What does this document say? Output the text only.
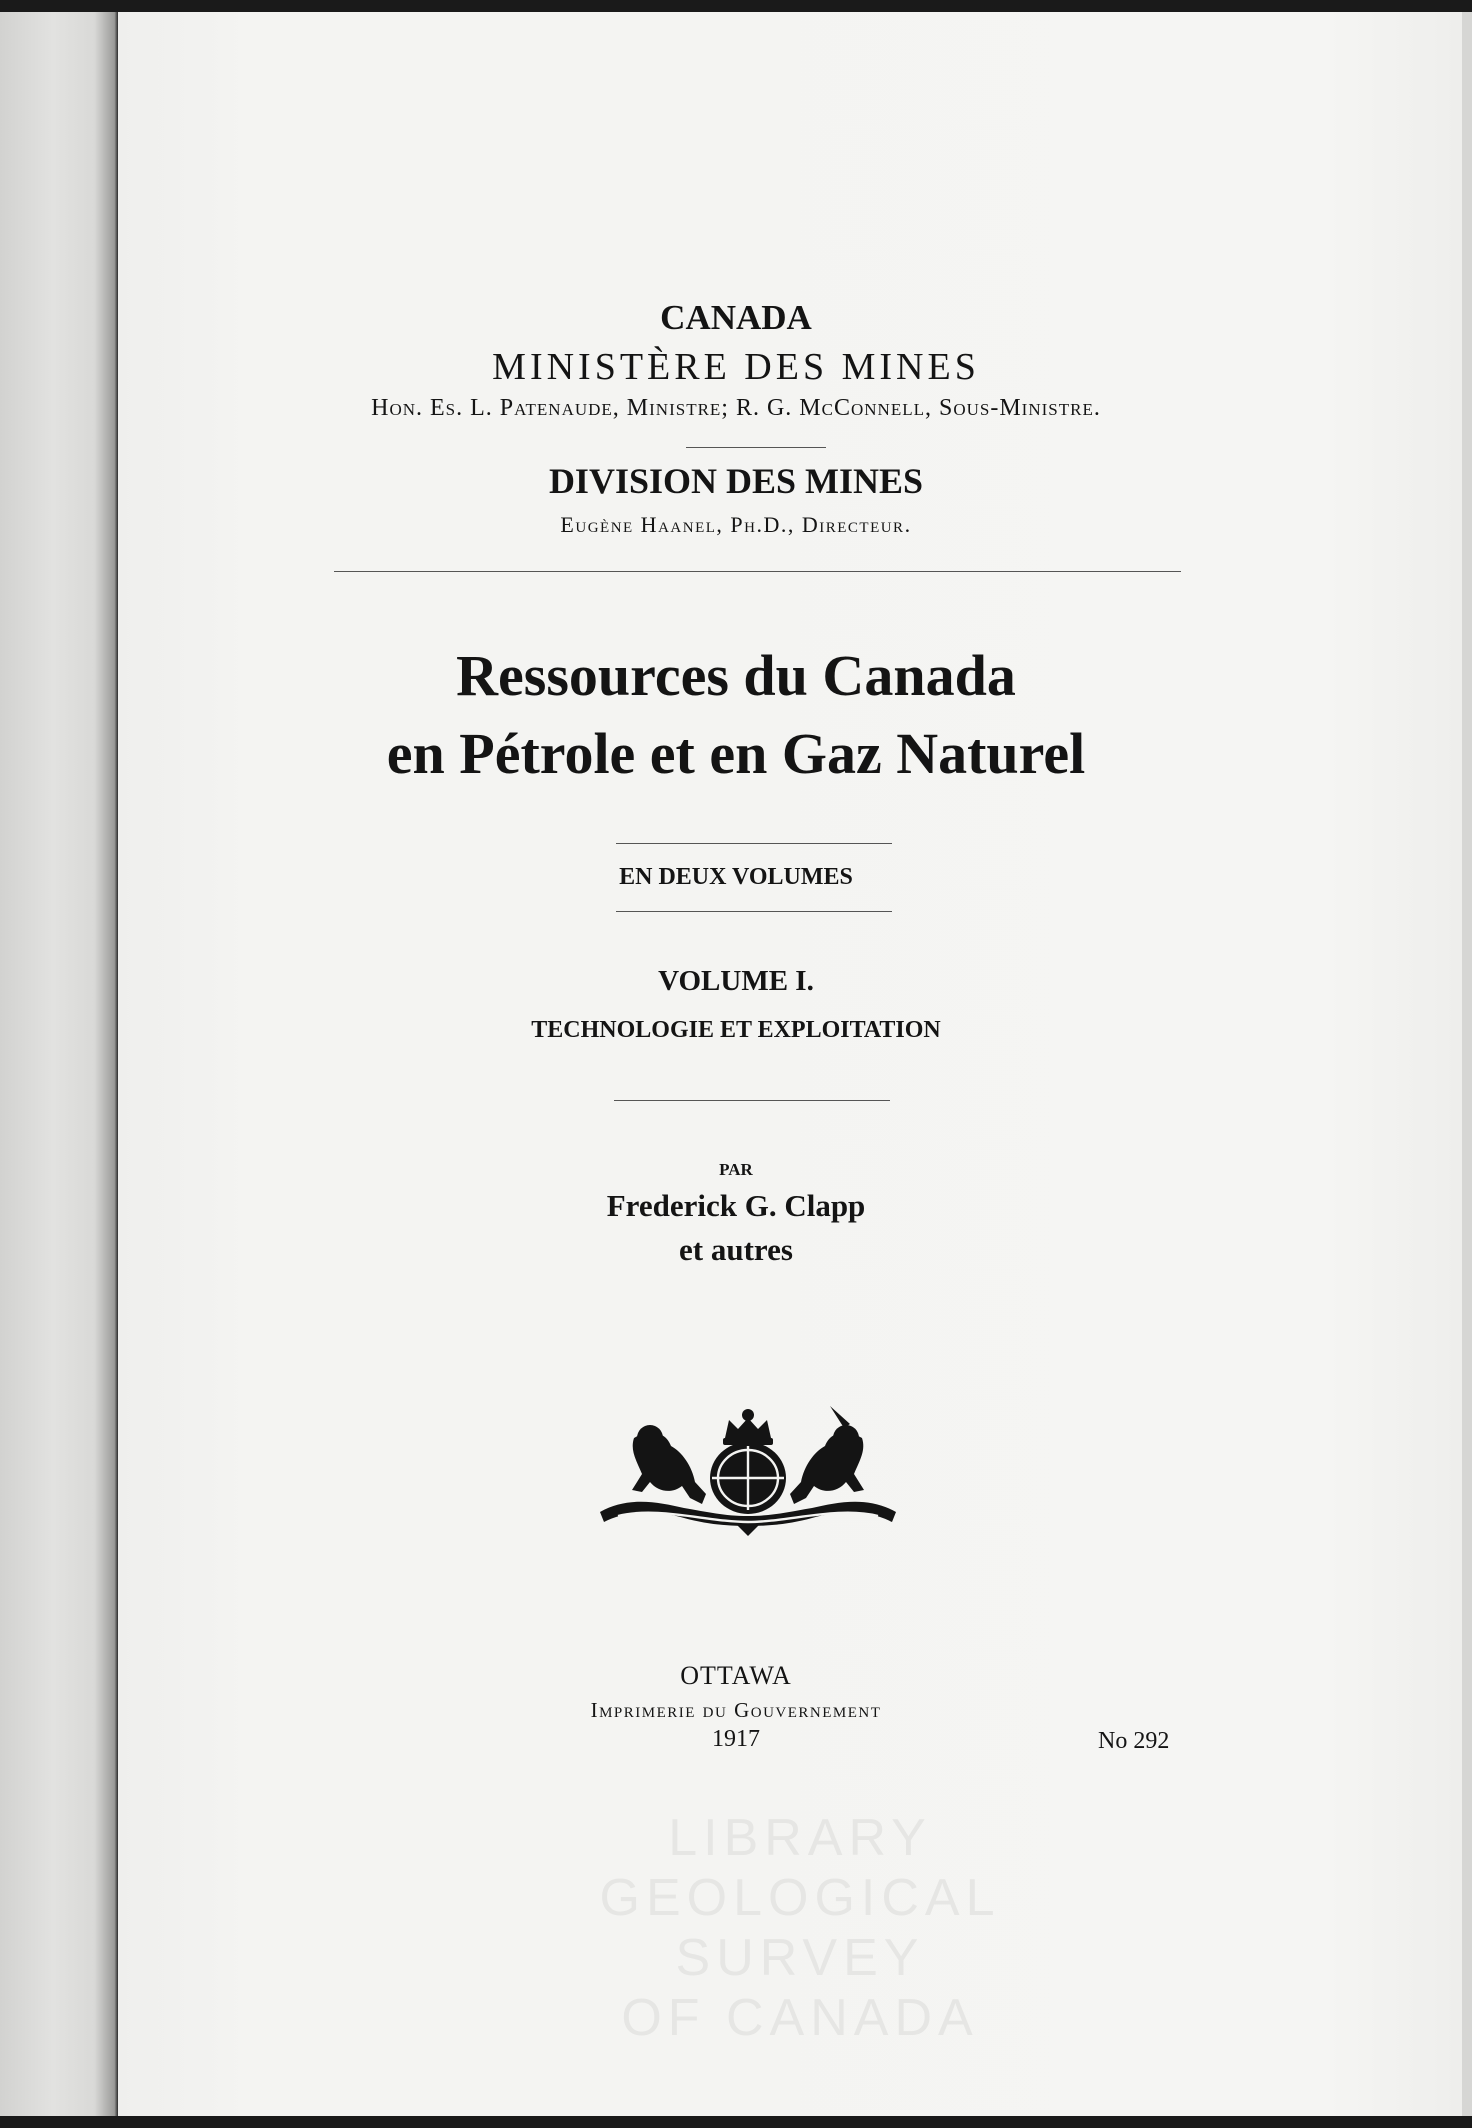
CANADA
MINISTÈRE DES MINES
Hon. Es. L. Patenaude, Ministre; R. G. McConnell, Sous-Ministre.
DIVISION DES MINES
Eugène Haanel, Ph.D., Directeur.
Ressources du Canada
en Pétrole et en Gaz Naturel
EN DEUX VOLUMES
VOLUME I.
TECHNOLOGIE ET EXPLOITATION
PAR
Frederick G. Clapp
et autres
OTTAWA
Imprimerie du Gouvernement
1917	No 292
LIBRARY
GEOLOGICAL SURVEY
OF CANADA
